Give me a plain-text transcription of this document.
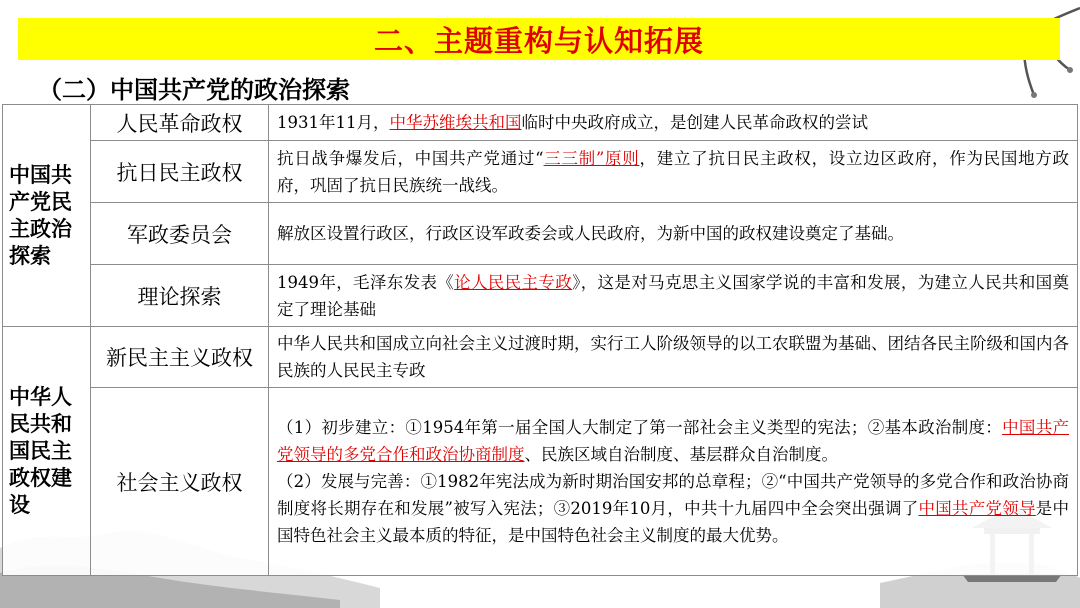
二、主题重构与认知拓展
（二）中国共产党的政治探索
中国共产党民主政治探索	人民革命政权	1931年11月，中华苏维埃共和国临时中央政府成立，是创建人民革命政权的尝试
	抗日民主政权	抗日战争爆发后，中国共产党通过“三三制”原则，建立了抗日民主政权，设立边区政府，作为民国地方政府，巩固了抗日民族统一战线。
	军政委员会	解放区设置行政区，行政区设军政委会或人民政府，为新中国的政权建设奠定了基础。
	理论探索	1949年，毛泽东发表《论人民民主专政》，这是对马克思主义国家学说的丰富和发展，为建立人民共和国奠定了理论基础
中华人民共和国民主政权建设	新民主主义政权	中华人民共和国成立向社会主义过渡时期，实行工人阶级领导的以工农联盟为基础、团结各民主阶级和国内各民族的人民民主专政
	社会主义政权	（1）初步建立：①1954年第一届全国人大制定了第一部社会主义类型的宪法；②基本政治制度：中国共产党领导的多党合作和政治协商制度、民族区域自治制度、基层群众自治制度。
（2）发展与完善：①1982年宪法成为新时期治国安邦的总章程；②“中国共产党领导的多党合作和政治协商制度将长期存在和发展”被写入宪法；③2019年10月，中共十九届四中全会突出强调了中国共产党领导是中国特色社会主义最本质的特征，是中国特色社会主义制度的最大优势。
